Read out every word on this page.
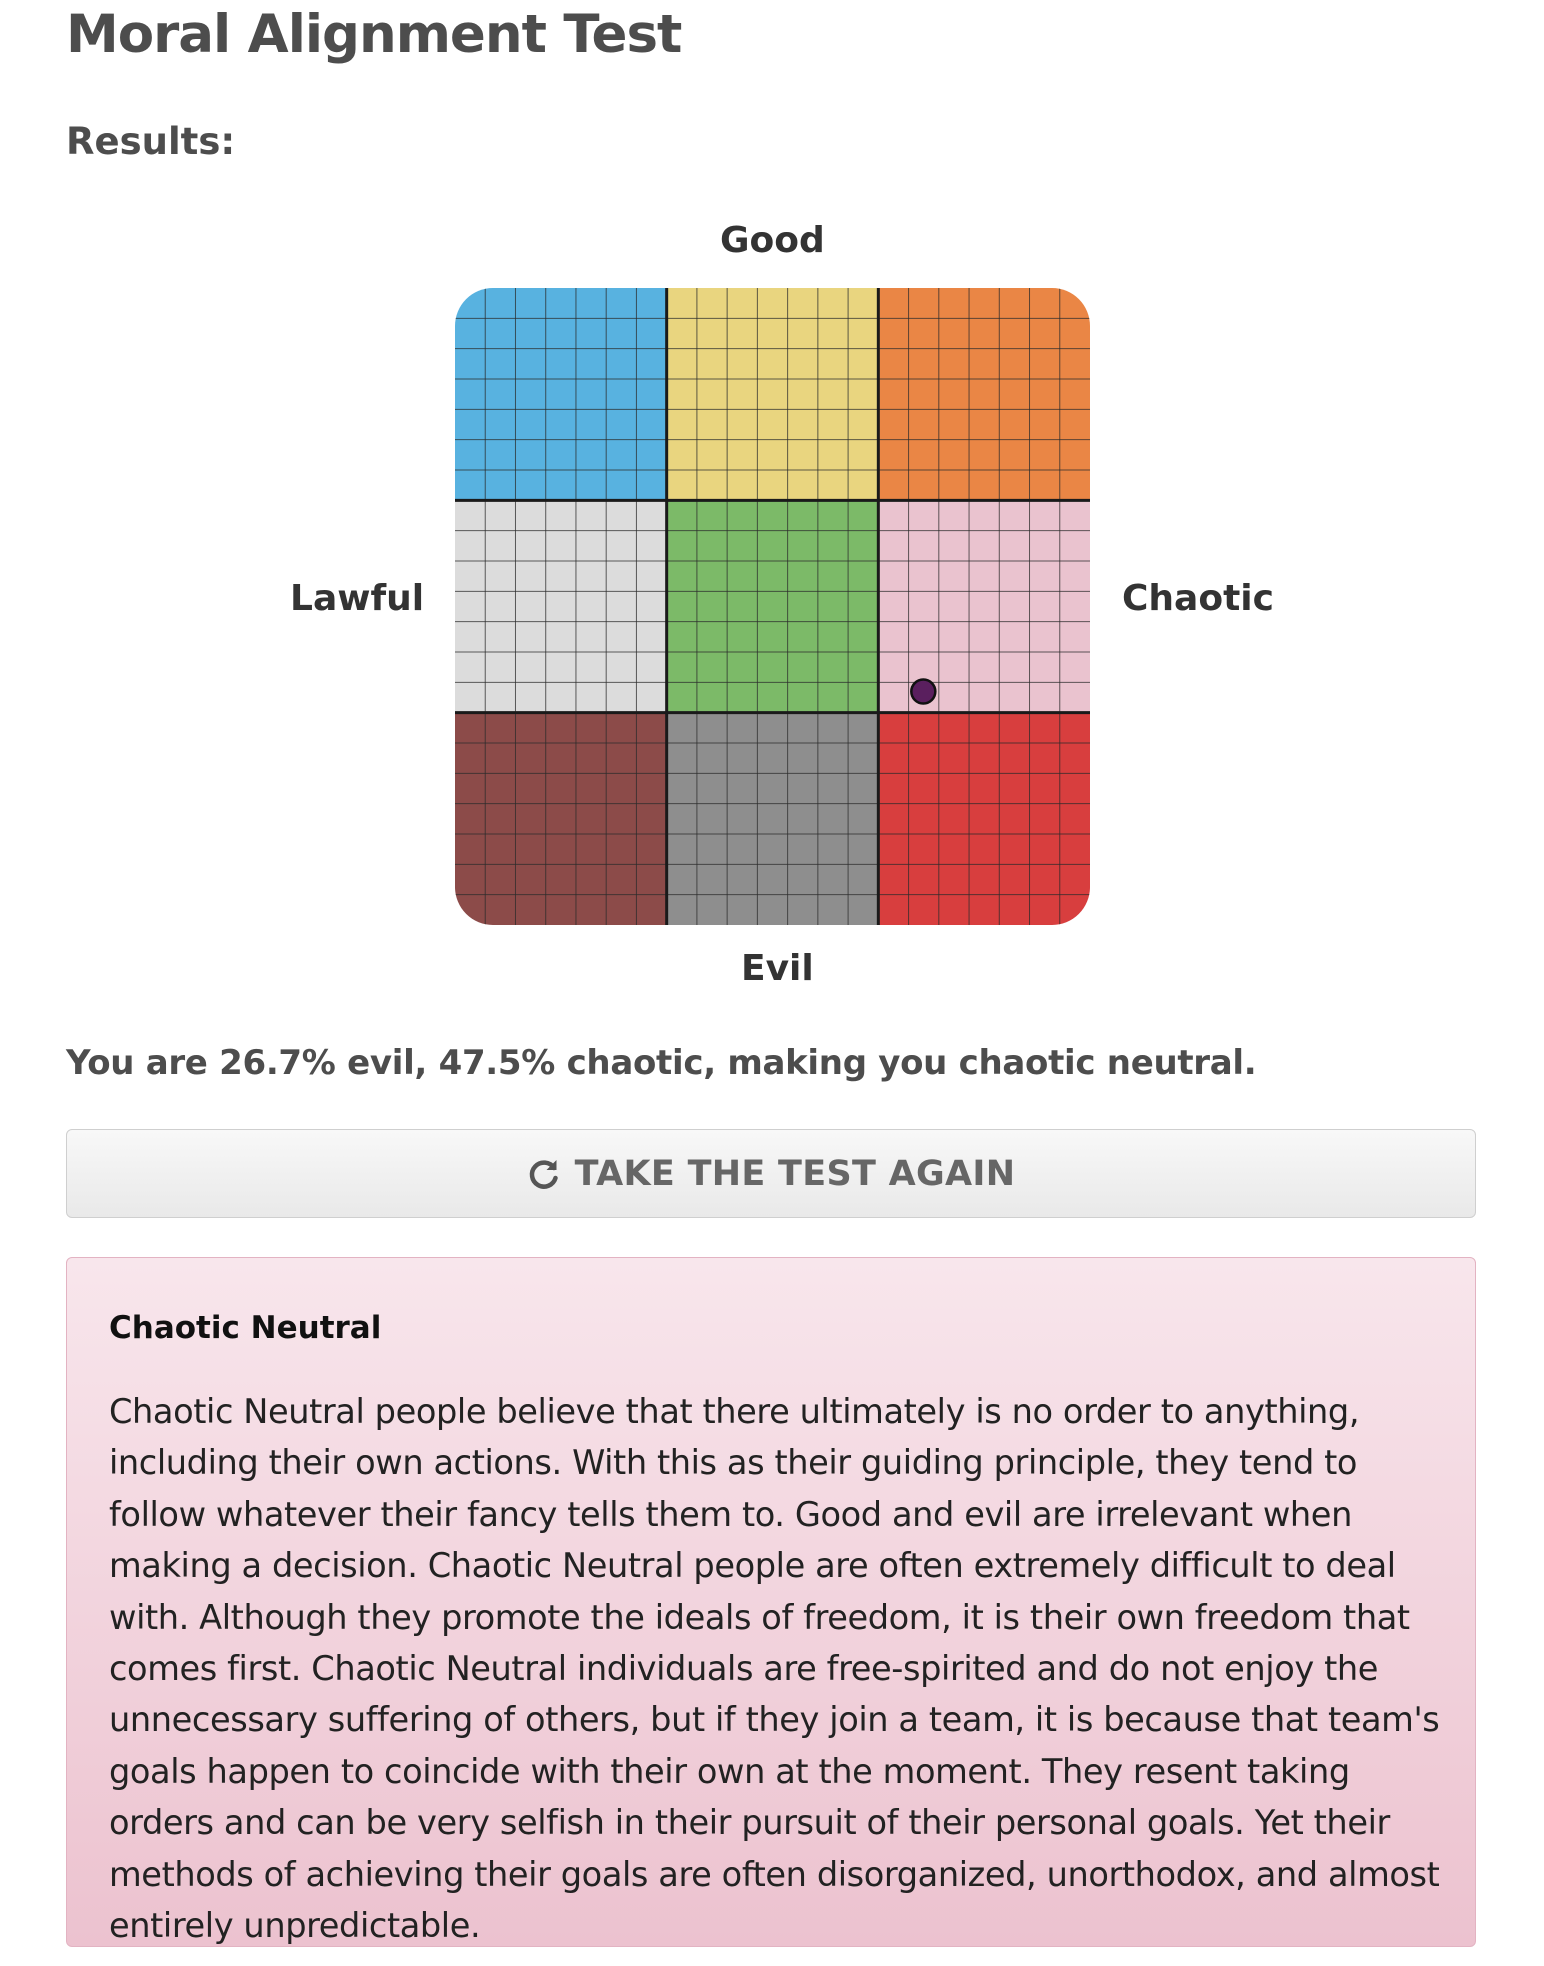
Moral Alignment Test
Results:
Good
Lawful	Chaotic
Evil

You are 26.7% evil, 47.5% chaotic, making you chaotic neutral.

TAKE THE TEST AGAIN
Chaotic Neutral

Chaotic Neutral people believe that there ultimately is no order to anything, including their own actions. With this as their guiding principle, they tend to follow whatever their fancy tells them to. Good and evil are irrelevant when making a decision. Chaotic Neutral people are often extremely difficult to deal with. Although they promote the ideals of freedom, it is their own freedom that comes first. Chaotic Neutral individuals are free-spirited and do not enjoy the unnecessary suffering of others, but if they join a team, it is because that team's goals happen to coincide with their own at the moment. They resent taking orders and can be very selfish in their pursuit of their personal goals. Yet their methods of achieving their goals are often disorganized, unorthodox, and almost entirely unpredictable.
